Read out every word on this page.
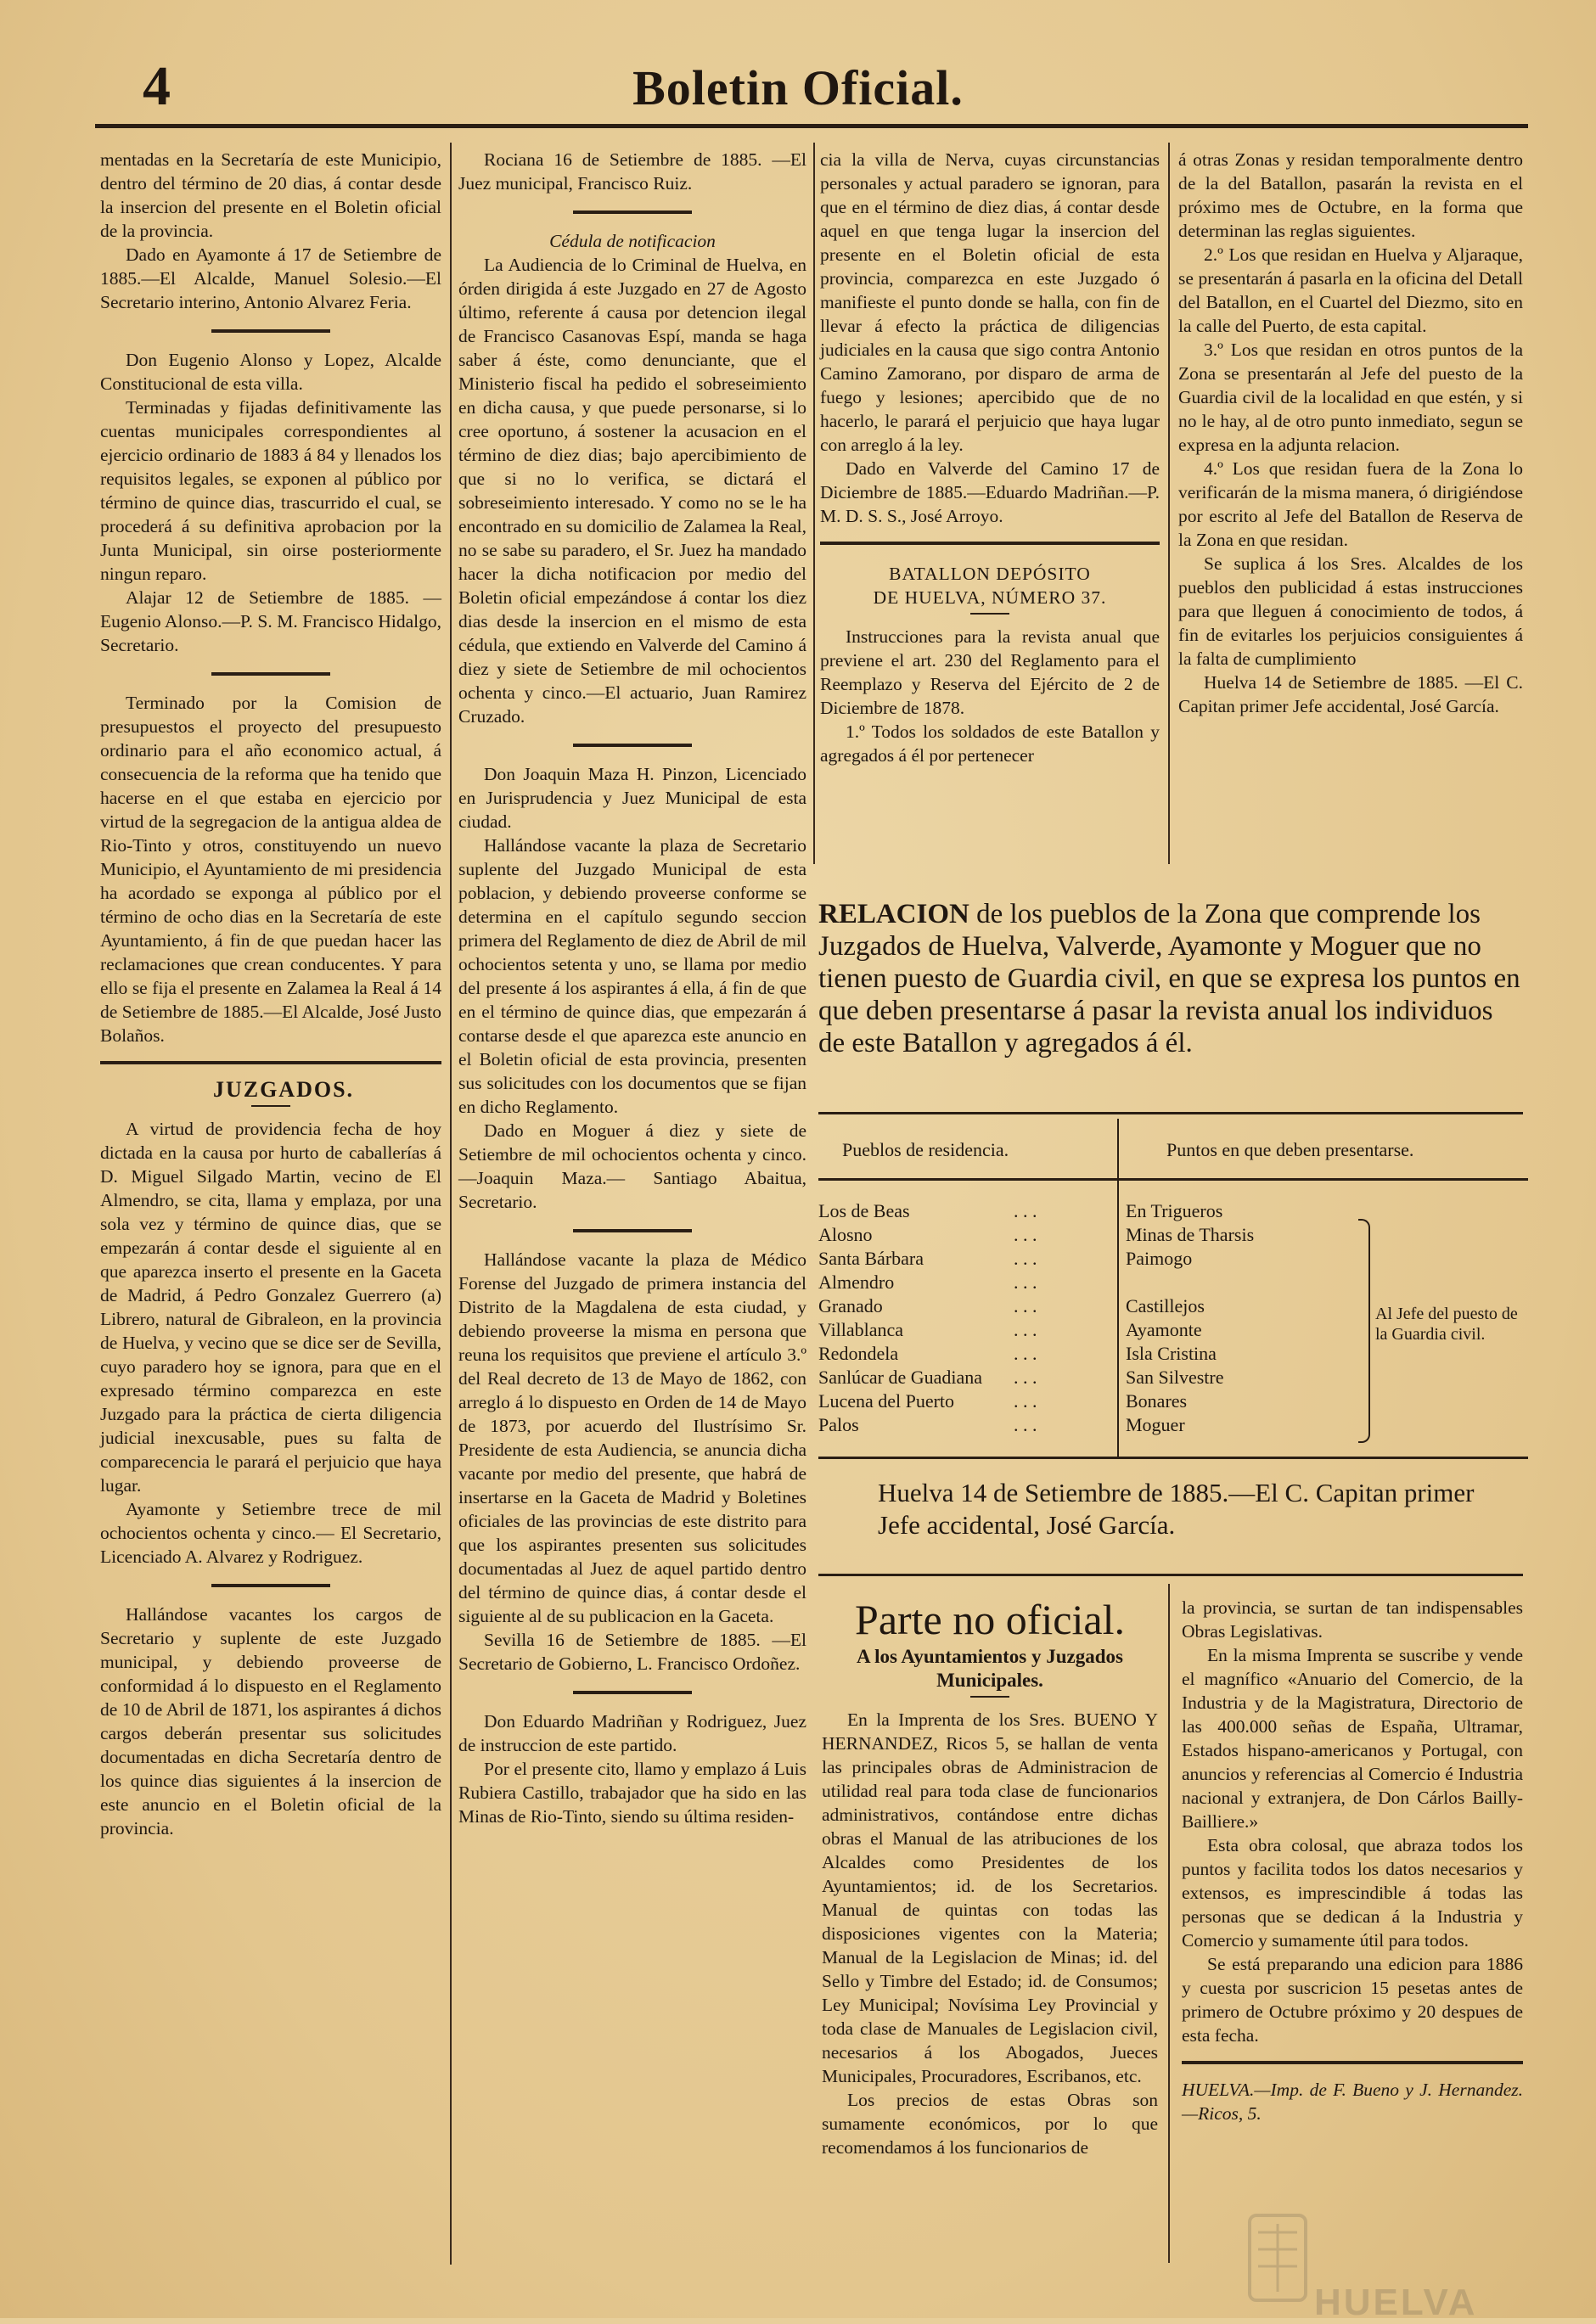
4	Boletin Oficial.

mentadas en la Secretaría de este Municipio, dentro del término de 20 dias, á contar desde la insercion del presente en el Boletin oficial de la provincia.

Dado en Ayamonte á 17 de Setiembre de 1885.—El Alcalde, Manuel Solesio.—El Secretario interino, Antonio Alvarez Feria.

Don Eugenio Alonso y Lopez, Alcalde Constitucional de esta villa.

Terminadas y fijadas definitivamente las cuentas municipales correspondientes al ejercicio ordinario de 1883 á 84 y llenados los requisitos legales, se exponen al público por término de quince dias, trascurrido el cual, se procederá á su definitiva aprobacion por la Junta Municipal, sin oirse posteriormente ningun reparo.

Alajar 12 de Setiembre de 1885. —Eugenio Alonso.—P. S. M. Francisco Hidalgo, Secretario.

Terminado por la Comision de presupuestos el proyecto del presupuesto ordinario para el año economico actual, á consecuencia de la reforma que ha tenido que hacerse en el que estaba en ejercicio por virtud de la segregacion de la antigua aldea de Rio-Tinto y otros, constituyendo un nuevo Municipio, el Ayuntamiento de mi presidencia ha acordado se exponga al público por el término de ocho dias en la Secretaría de este Ayuntamiento, á fin de que puedan hacer las reclamaciones que crean conducentes. Y para ello se fija el presente en Zalamea la Real á 14 de Setiembre de 1885.—El Alcalde, José Justo Bolaños.

JUZGADOS.

A virtud de providencia fecha de hoy dictada en la causa por hurto de caballerías á D. Miguel Silgado Martin, vecino de El Almendro, se cita, llama y emplaza, por una sola vez y término de quince dias, que se empezarán á contar desde el siguiente al en que aparezca inserto el presente en la Gaceta de Madrid, á Pedro Gonzalez Guerrero (a) Librero, natural de Gibraleon, en la provincia de Huelva, y vecino que se dice ser de Sevilla, cuyo paradero hoy se ignora, para que en el expresado término comparezca en este Juzgado para la práctica de cierta diligencia judicial inexcusable, pues su falta de comparecencia le parará el perjuicio que haya lugar.

Ayamonte y Setiembre trece de mil ochocientos ochenta y cinco.— El Secretario, Licenciado A. Alvarez y Rodriguez.

Hallándose vacantes los cargos de Secretario y suplente de este Juzgado municipal, y debiendo proveerse de conformidad á lo dispuesto en el Reglamento de 10 de Abril de 1871, los aspirantes á dichos cargos deberán presentar sus solicitudes documentadas en dicha Secretaría dentro de los quince dias siguientes á la insercion de este anuncio en el Boletin oficial de la provincia.

Rociana 16 de Setiembre de 1885. —El Juez municipal, Francisco Ruiz.

Cédula de notificacion

La Audiencia de lo Criminal de Huelva, en órden dirigida á este Juzgado en 27 de Agosto último, referente á causa por detencion ilegal de Francisco Casanovas Espí, manda se haga saber á éste, como denunciante, que el Ministerio fiscal ha pedido el sobreseimiento en dicha causa, y que puede personarse, si lo cree oportuno, á sostener la acusacion en el término de diez dias; bajo apercibimiento de que si no lo verifica, se dictará el sobreseimiento interesado. Y como no se le ha encontrado en su domicilio de Zalamea la Real, no se sabe su paradero, el Sr. Juez ha mandado hacer la dicha notificacion por medio del Boletin oficial empezándose á contar los diez dias desde la insercion en el mismo de esta cédula, que extiendo en Valverde del Camino á diez y siete de Setiembre de mil ochocientos ochenta y cinco.—El actuario, Juan Ramirez Cruzado.

Don Joaquin Maza H. Pinzon, Licenciado en Jurisprudencia y Juez Municipal de esta ciudad.

Hallándose vacante la plaza de Secretario suplente del Juzgado Municipal de esta poblacion, y debiendo proveerse conforme se determina en el capítulo segundo seccion primera del Reglamento de diez de Abril de mil ochocientos setenta y uno, se llama por medio del presente á los aspirantes á ella, á fin de que en el término de quince dias, que empezarán á contarse desde el que aparezca este anuncio en el Boletin oficial de esta provincia, presenten sus solicitudes con los documentos que se fijan en dicho Reglamento.

Dado en Moguer á diez y siete de Setiembre de mil ochocientos ochenta y cinco.—Joaquin Maza.— Santiago Abaitua, Secretario.

Hallándose vacante la plaza de Médico Forense del Juzgado de primera instancia del Distrito de la Magdalena de esta ciudad, y debiendo proveerse la misma en persona que reuna los requisitos que previene el artículo 3.º del Real decreto de 13 de Mayo de 1862, con arreglo á lo dispuesto en Orden de 14 de Mayo de 1873, por acuerdo del Ilustrísimo Sr. Presidente de esta Audiencia, se anuncia dicha vacante por medio del presente, que habrá de insertarse en la Gaceta de Madrid y Boletines oficiales de las provincias de este distrito para que los aspirantes presenten sus solicitudes documentadas al Juez de aquel partido dentro del término de quince dias, á contar desde el siguiente al de su publicacion en la Gaceta.

Sevilla 16 de Setiembre de 1885. —El Secretario de Gobierno, L. Francisco Ordoñez.

Don Eduardo Madriñan y Rodriguez, Juez de instruccion de este partido.

Por el presente cito, llamo y emplazo á Luis Rubiera Castillo, trabajador que ha sido en las Minas de Rio-Tinto, siendo su última residen-

cia la villa de Nerva, cuyas circunstancias personales y actual paradero se ignoran, para que en el término de diez dias, á contar desde aquel en que tenga lugar la insercion del presente en el Boletin oficial de esta provincia, comparezca en este Juzgado ó manifieste el punto donde se halla, con fin de llevar á efecto la práctica de diligencias judiciales en la causa que sigo contra Antonio Camino Zamorano, por disparo de arma de fuego y lesiones; apercibido que de no hacerlo, le parará el perjuicio que haya lugar con arreglo á la ley.

Dado en Valverde del Camino 17 de Diciembre de 1885.—Eduardo Madriñan.—P. M. D. S. S., José Arroyo.

BATALLON DEPÓSITO

DE HUELVA, NÚMERO 37.

Instrucciones para la revista anual que previene el art. 230 del Reglamento para el Reemplazo y Reserva del Ejército de 2 de Diciembre de 1878.

1.º Todos los soldados de este Batallon y agregados á él por pertenecer

á otras Zonas y residan temporalmente dentro de la del Batallon, pasarán la revista en el próximo mes de Octubre, en la forma que determinan las reglas siguientes.

2.º Los que residan en Huelva y Aljaraque, se presentarán á pasarla en la oficina del Detall del Batallon, en el Cuartel del Diezmo, sito en la calle del Puerto, de esta capital.

3.º Los que residan en otros puntos de la Zona se presentarán al Jefe del puesto de la Guardia civil de la localidad en que estén, y si no le hay, al de otro punto inmediato, segun se expresa en la adjunta relacion.

4.º Los que residan fuera de la Zona lo verificarán de la misma manera, ó dirigiéndose por escrito al Jefe del Batallon de Reserva de la Zona en que residan.

Se suplica á los Sres. Alcaldes de los pueblos den publicidad á estas instrucciones para que lleguen á conocimiento de todos, á fin de evitarles los perjuicios consiguientes á la falta de cumplimiento

Huelva 14 de Setiembre de 1885. —El C. Capitan primer Jefe accidental, José García.

RELACION de los pueblos de la Zona que comprende los Juzgados de Huelva, Valverde, Ayamonte y Moguer que no tienen puesto de Guardia civil, en que se expresa los puntos en que deben presentarse á pasar la revista anual los individuos de este Batallon y agregados á él.
Pueblos de residencia.	Puntos en que deben presentarse.
Los de Beas	. . .	En Trigueros
Alosno	. . .	Minas de Tharsis
Santa Bárbara	. . .	Paimogo
Almendro	. . .
Granado	. . .	Castillejos
Villablanca	. . .	Ayamonte
Redondela	. . .	Isla Cristina
Sanlúcar de Guadiana . . .	San Silvestre
Lucena del Puerto	. . .	Bonares
Palos	. . .	Moguer
Al Jefe del puesto de la Guardia civil.
Huelva 14 de Setiembre de 1885.—El C. Capitan primer Jefe accidental, José García.

Parte no oficial.

A los Ayuntamientos y Juzgados Municipales.

En la Imprenta de los Sres. BUENO Y HERNANDEZ, Ricos 5, se hallan de venta las principales obras de Administracion de utilidad real para toda clase de funcionarios administrativos, contándose entre dichas obras el Manual de las atribuciones de los Alcaldes como Presidentes de los Ayuntamientos; id. de los Secretarios. Manual de quintas con todas las disposiciones vigentes con la Materia; Manual de la Legislacion de Minas; id. del Sello y Timbre del Estado; id. de Consumos; Ley Municipal; Novísima Ley Provincial y toda clase de Manuales de Legislacion civil, necesarios á los Abogados, Jueces Municipales, Procuradores, Escribanos, etc.

Los precios de estas Obras son sumamente económicos, por lo que recomendamos á los funcionarios de

la provincia, se surtan de tan indispensables Obras Legislativas.

En la misma Imprenta se suscribe y vende el magnífico «Anuario del Comercio, de la Industria y de la Magistratura, Directorio de las 400.000 señas de España, Ultramar, Estados hispano-americanos y Portugal, con anuncios y referencias al Comercio é Industria nacional y extranjera, de Don Cárlos Bailly-Bailliere.»

Esta obra colosal, que abraza todos los puntos y facilita todos los datos necesarios y extensos, es imprescindible á todas las personas que se dedican á la Industria y Comercio y sumamente útil para todos.

Se está preparando una edicion para 1886 y cuesta por suscricion 15 pesetas antes de primero de Octubre próximo y 20 despues de esta fecha.

HUELVA.—Imp. de F. Bueno y J. Hernandez.—Ricos, 5.

HUELVA
